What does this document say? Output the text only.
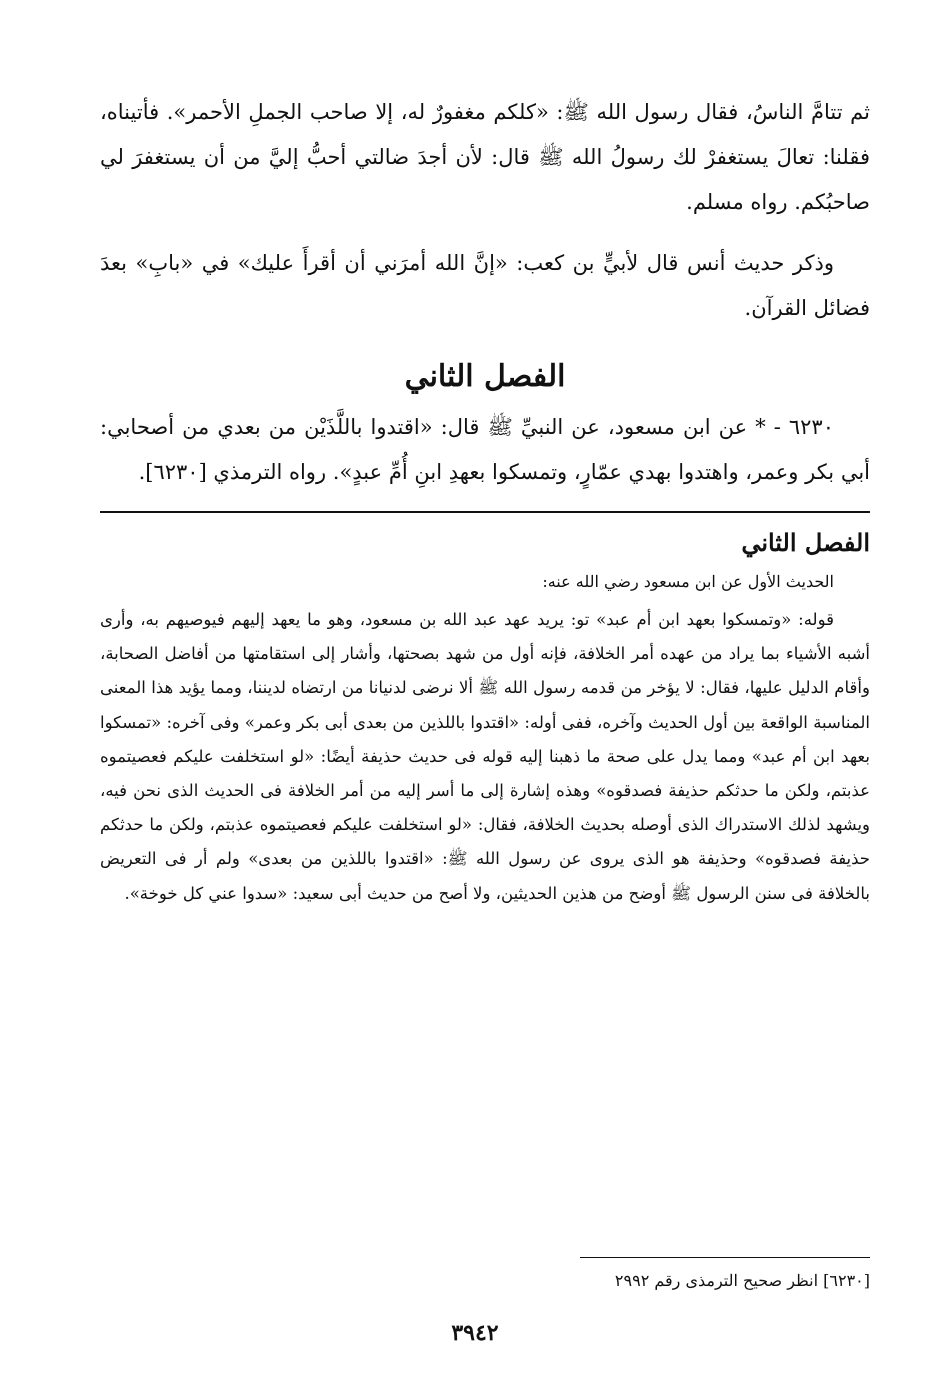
ثم تتامَّ الناسُ، فقال رسول الله ﷺ: «كلكم مغفورٌ له، إلا صاحب الجملِ الأحمر». فأتيناه، فقلنا: تعالَ يستغفرْ لك رسولُ الله ﷺ قال: لأن أجدَ ضالتي أحبُّ إليَّ من أن يستغفرَ لي صاحبُكم. رواه مسلم.

وذكر حديث أنس قال لأبيٍّ بن كعب: «إنَّ الله أمرَني أن أقرأَ عليك» في «بابِ» بعدَ فضائل القرآن.

الفصل الثاني

٦٢٣٠ - * عن ابن مسعود، عن النبيِّ ﷺ قال: «اقتدوا باللَّذَيْن من بعدي من أصحابي: أبي بكر وعمر، واهتدوا بهدي عمّارٍ، وتمسكوا بعهدِ ابنِ أُمِّ عبدٍ». رواه الترمذي [٦٢٣٠].

الفصل الثاني

الحديث الأول عن ابن مسعود رضي الله عنه:

قوله: «وتمسكوا بعهد ابن أم عبد» تو: يريد عهد عبد الله بن مسعود، وهو ما يعهد إليهم فيوصيهم به، وأرى أشبه الأشياء بما يراد من عهده أمر الخلافة، فإنه أول من شهد بصحتها، وأشار إلى استقامتها من أفاضل الصحابة، وأقام الدليل عليها، فقال: لا يؤخر من قدمه رسول الله ﷺ ألا نرضى لدنيانا من ارتضاه لديننا، ومما يؤيد هذا المعنى المناسبة الواقعة بين أول الحديث وآخره، ففى أوله: «اقتدوا باللذين من بعدى أبى بكر وعمر» وفى آخره: «تمسكوا بعهد ابن أم عبد» ومما يدل على صحة ما ذهبنا إليه قوله فى حديث حذيفة أيضًا: «لو استخلفت عليكم فعصيتموه عذبتم، ولكن ما حدثكم حذيفة فصدقوه» وهذه إشارة إلى ما أسر إليه من أمر الخلافة فى الحديث الذى نحن فيه، ويشهد لذلك الاستدراك الذى أوصله بحديث الخلافة، فقال: «لو استخلفت عليكم فعصيتموه عذبتم، ولكن ما حدثكم حذيفة فصدقوه» وحذيفة هو الذى يروى عن رسول الله ﷺ: «اقتدوا باللذين من بعدى» ولم أر فى التعريض بالخلافة فى سنن الرسول ﷺ أوضح من هذين الحديثين، ولا أصح من حديث أبى سعيد: «سدوا عني كل خوخة».

[٦٢٣٠] انظر صحيح الترمذى رقم ٢٩٩٢
٣٩٤٢
